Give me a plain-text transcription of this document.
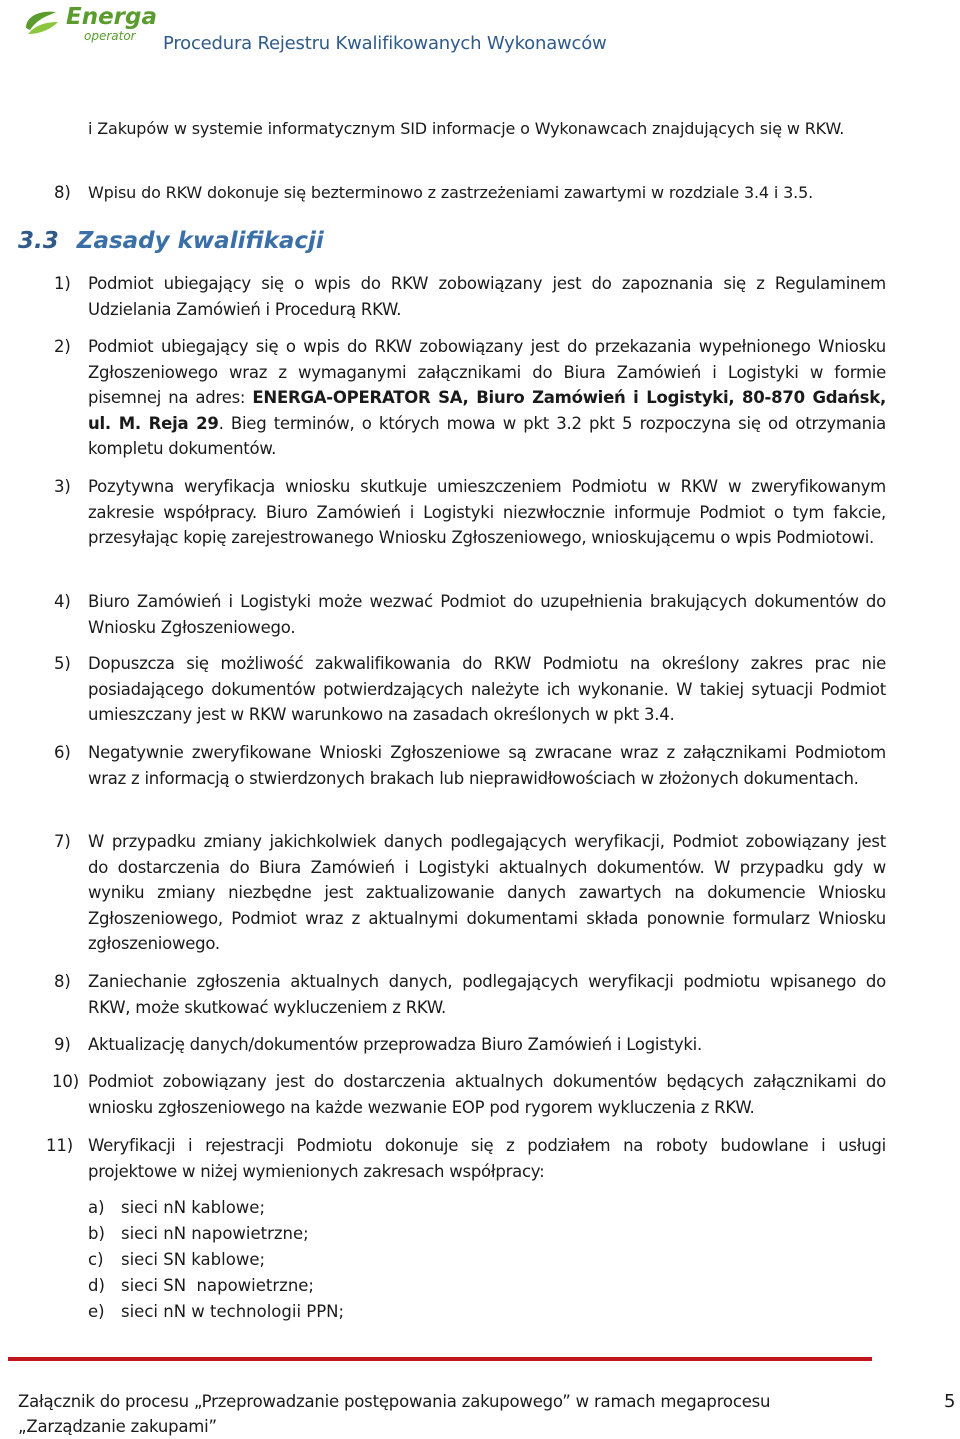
Energa
operator Procedura Rejestru Kwalifikowanych Wykonawców
i Zakupów w systemie informatycznym SID informacje o Wykonawcach znajdujących się w RKW.
8) Wpisu do RKW dokonuje się bezterminowo z zastrzeżeniami zawartymi w rozdziale 3.4 i 3.5.
3.3 Zasady kwalifikacji
1) Podmiot ubiegający się o wpis do RKW zobowiązany jest do zapoznania się z Regulaminem Udzielania Zamówień i Procedurą RKW.
2) Podmiot ubiegający się o wpis do RKW zobowiązany jest do przekazania wypełnionego Wniosku Zgłoszeniowego wraz z wymaganymi załącznikami do Biura Zamówień i Logistyki w formie pisemnej na adres: ENERGA-OPERATOR SA, Biuro Zamówień i Logistyki, 80-870 Gdańsk, ul. M. Reja 29. Bieg terminów, o których mowa w pkt 3.2 pkt 5 rozpoczyna się od otrzymania kompletu dokumentów.
3) Pozytywna weryfikacja wniosku skutkuje umieszczeniem Podmiotu w RKW w zweryfikowanym zakresie współpracy. Biuro Zamówień i Logistyki niezwłocznie informuje Podmiot o tym fakcie, przesyłając kopię zarejestrowanego Wniosku Zgłoszeniowego, wnioskującemu o wpis Podmiotowi.
4) Biuro Zamówień i Logistyki może wezwać Podmiot do uzupełnienia brakujących dokumentów do Wniosku Zgłoszeniowego.
5) Dopuszcza się możliwość zakwalifikowania do RKW Podmiotu na określony zakres prac nie posiadającego dokumentów potwierdzających należyte ich wykonanie. W takiej sytuacji Podmiot umieszczany jest w RKW warunkowo na zasadach określonych w pkt 3.4.
6) Negatywnie zweryfikowane Wnioski Zgłoszeniowe są zwracane wraz z załącznikami Podmiotom wraz z informacją o stwierdzonych brakach lub nieprawidłowościach w złożonych dokumentach.
7) W przypadku zmiany jakichkolwiek danych podlegających weryfikacji, Podmiot zobowiązany jest do dostarczenia do Biura Zamówień i Logistyki aktualnych dokumentów. W przypadku gdy w wyniku zmiany niezbędne jest zaktualizowanie danych zawartych na dokumencie Wniosku Zgłoszeniowego, Podmiot wraz z aktualnymi dokumentami składa ponownie formularz Wniosku zgłoszeniowego.
8) Zaniechanie zgłoszenia aktualnych danych, podlegających weryfikacji podmiotu wpisanego do RKW, może skutkować wykluczeniem z RKW.
9) Aktualizację danych/dokumentów przeprowadza Biuro Zamówień i Logistyki.
10) Podmiot zobowiązany jest do dostarczenia aktualnych dokumentów będących załącznikami do wniosku zgłoszeniowego na każde wezwanie EOP pod rygorem wykluczenia z RKW.
11) Weryfikacji i rejestracji Podmiotu dokonuje się z podziałem na roboty budowlane i usługi projektowe w niżej wymienionych zakresach współpracy:
a) sieci nN kablowe;
b) sieci nN napowietrzne;
c) sieci SN kablowe;
d) sieci SN  napowietrzne;
e) sieci nN w technologii PPN;
Załącznik do procesu „Przeprowadzanie postępowania zakupowego” w ramach megaprocesu „Zarządzanie zakupami”
5
